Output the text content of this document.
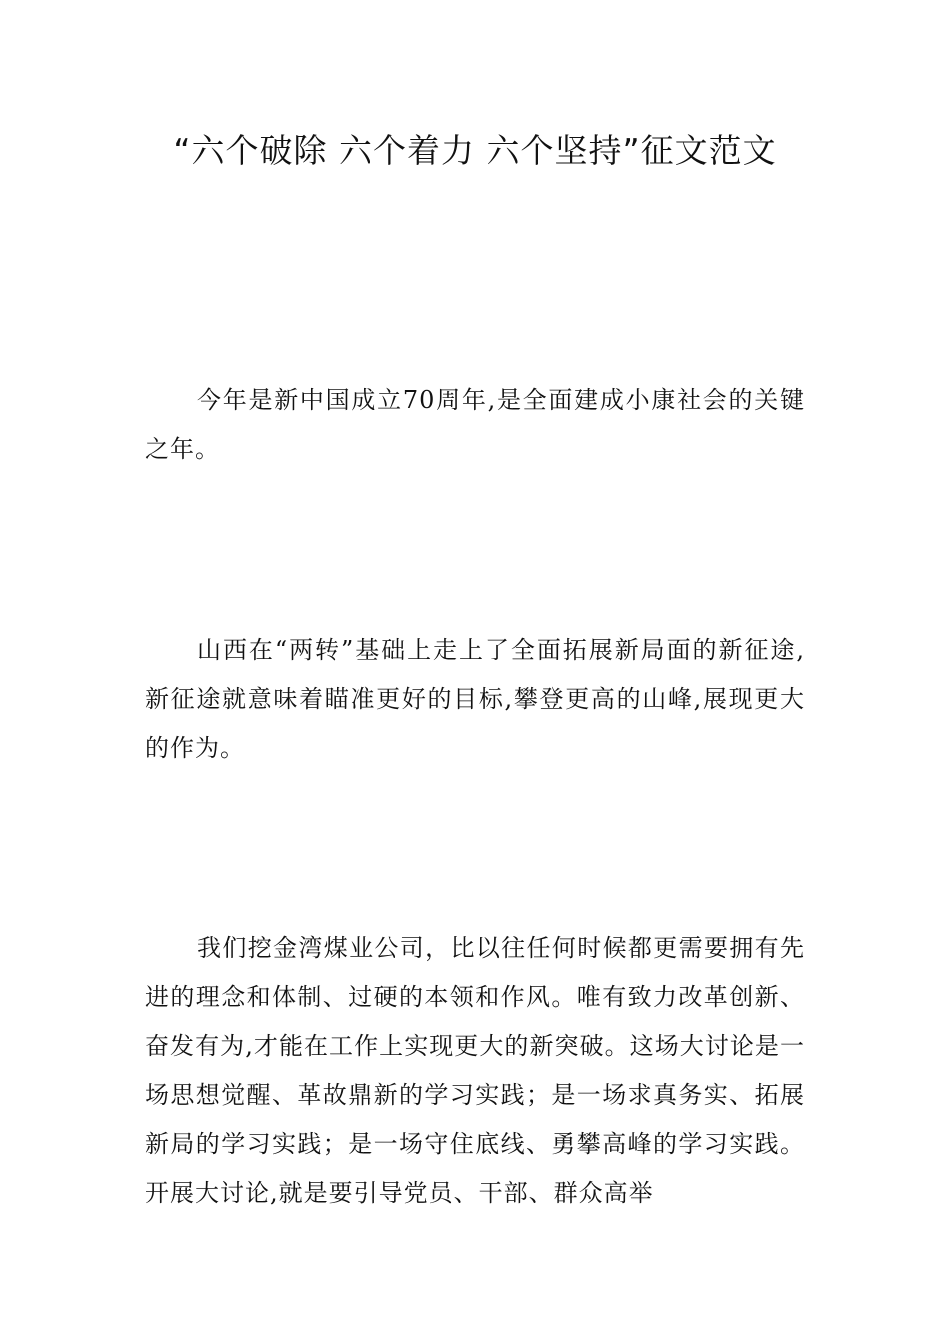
“六个破除 六个着力 六个坚持”征文范文

今年是新中国成立70周年,是全面建成小康社会的关键之年。

山西在“两转”基础上走上了全面拓展新局面的新征途,新征途就意味着瞄准更好的目标,攀登更高的山峰,展现更大的作为。

我们挖金湾煤业公司，比以往任何时候都更需要拥有先进的理念和体制、过硬的本领和作风。唯有致力改革创新、奋发有为,才能在工作上实现更大的新突破。这场大讨论是一场思想觉醒、革故鼎新的学习实践；是一场求真务实、拓展新局的学习实践；是一场守住底线、勇攀高峰的学习实践。开展大讨论,就是要引导党员、干部、群众高举
